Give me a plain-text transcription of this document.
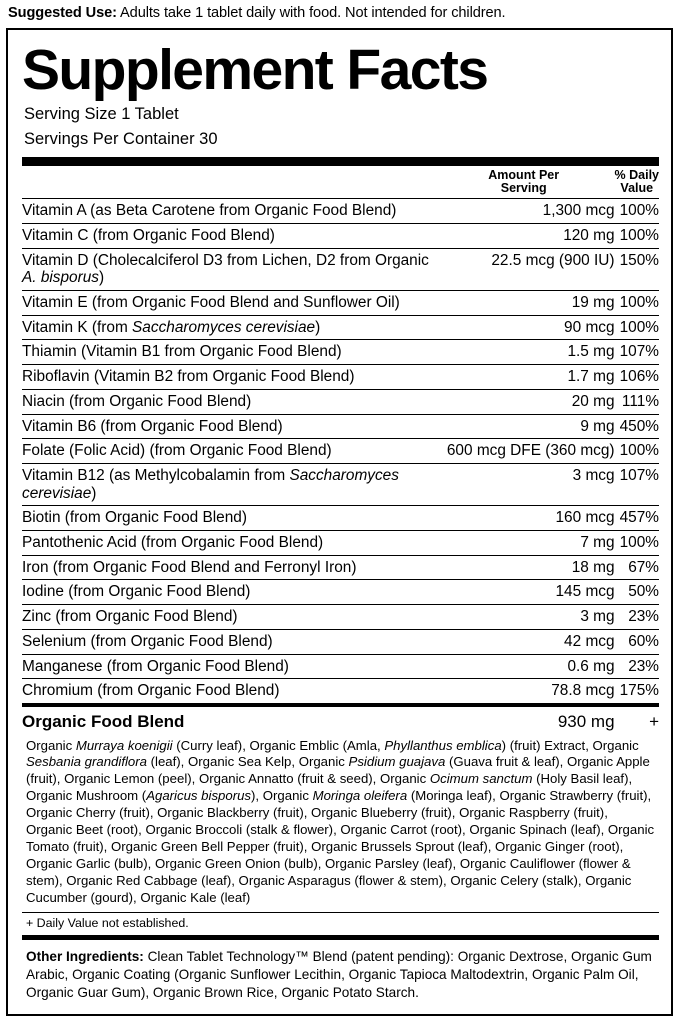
Suggested Use: Adults take 1 tablet daily with food. Not intended for children.
Supplement Facts
Serving Size 1 Tablet
Servings Per Container 30

Amount Per
Serving

% Daily
Value

Vitamin A (as Beta Carotene from Organic Food Blend)	1,300 mcg	100%
Vitamin C (from Organic Food Blend)	120 mg	100%
Vitamin D (Cholecalciferol D3 from Lichen, D2 from Organic A. bisporus)	22.5 mcg (900 IU)	150%
Vitamin E (from Organic Food Blend and Sunflower Oil)	19 mg	100%
Vitamin K (from Saccharomyces cerevisiae)	90 mcg	100%
Thiamin (Vitamin B1 from Organic Food Blend)	1.5 mg	107%
Riboflavin (Vitamin B2 from Organic Food Blend)	1.7 mg	106%
Niacin (from Organic Food Blend)	20 mg	111%
Vitamin B6 (from Organic Food Blend)	9 mg	450%
Folate (Folic Acid) (from Organic Food Blend)	600 mcg DFE (360 mcg)	100%
Vitamin B12 (as Methylcobalamin from Saccharomyces cerevisiae)	3 mcg	107%
Biotin (from Organic Food Blend)	160 mcg	457%
Pantothenic Acid (from Organic Food Blend)	7 mg	100%
Iron (from Organic Food Blend and Ferronyl Iron)	18 mg	67%
Iodine (from Organic Food Blend)	145 mcg	50%
Zinc (from Organic Food Blend)	3 mg	23%
Selenium (from Organic Food Blend)	42 mcg	60%
Manganese (from Organic Food Blend)	0.6 mg	23%
Chromium (from Organic Food Blend)	78.8 mcg	175%
Organic Food Blend	930 mg	+
Organic Murraya koenigii (Curry leaf), Organic Emblic (Amla, Phyllanthus emblica) (fruit) Extract, Organic Sesbania grandiflora (leaf), Organic Sea Kelp, Organic Psidium guajava (Guava fruit & leaf), Organic Apple (fruit), Organic Lemon (peel), Organic Annatto (fruit & seed), Organic Ocimum sanctum (Holy Basil leaf), Organic Mushroom (Agaricus bisporus), Organic Moringa oleifera (Moringa leaf), Organic Strawberry (fruit), Organic Cherry (fruit), Organic Blackberry (fruit), Organic Blueberry (fruit), Organic Raspberry (fruit), Organic Beet (root), Organic Broccoli (stalk & flower), Organic Carrot (root), Organic Spinach (leaf), Organic Tomato (fruit), Organic Green Bell Pepper (fruit), Organic Brussels Sprout (leaf), Organic Ginger (root), Organic Garlic (bulb), Organic Green Onion (bulb), Organic Parsley (leaf), Organic Cauliflower (flower & stem), Organic Red Cabbage (leaf), Organic Asparagus (flower & stem), Organic Celery (stalk), Organic Cucumber (gourd), Organic Kale (leaf)
+ Daily Value not established.
Other Ingredients: Clean Tablet Technology™ Blend (patent pending): Organic Dextrose, Organic Gum Arabic, Organic Coating (Organic Sunflower Lecithin, Organic Tapioca Maltodextrin, Organic Palm Oil, Organic Guar Gum), Organic Brown Rice, Organic Potato Starch.
